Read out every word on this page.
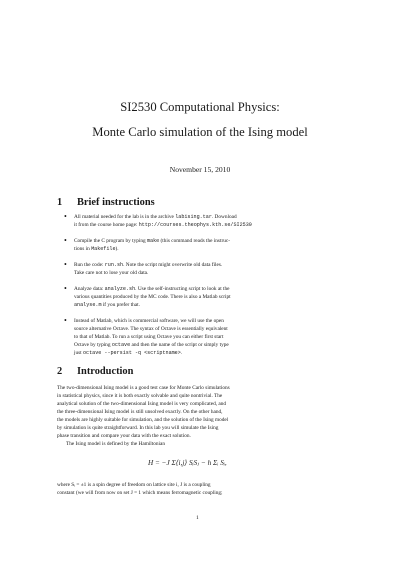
SI2530 Computational Physics:
Monte Carlo simulation of the Ising model
November 15, 2010
1 Brief instructions
• All material needed for the lab is in the archive labising.tar. Download
it from the course home page: http://courses.theophys.kth.se/SI2530
• Compile the C program by typing make (this command reads the instruc-
tions in Makefile).
• Run the code: run.sh. Note the script might overwrite old data files.
Take care not to lose your old data.
• Analyze data: analyze.sh. Use the self-instructing script to look at the
various quantities produced by the MC code. There is also a Matlab script
analyse.m if you prefer that.
• Instead of Matlab, which is commercial software, we will use the open
source alternative Octave. The syntax of Octave is essentially equivalent
to that of Matlab. To run a script using Octave you can either first start
Octave by typing octave and then the name of the script or simply type
just octave --persist -q <scriptname>.
2 Introduction
The two-dimensional Ising model is a good test case for Monte Carlo simulations
in statistical physics, since it is both exactly solvable and quite nontrivial. The
analytical solution of the two-dimensional Ising model is very complicated, and
the three-dimensional Ising model is still unsolved exactly. On the other hand,
the models are highly suitable for simulation, and the solution of the Ising model
by simulation is quite straightforward. In this lab you will simulate the Ising
phase transition and compare your data with the exact solution.
The Ising model is defined by the Hamiltonian
H = −J Σ⟨i,j⟩ SᵢSⱼ − h Σᵢ Sᵢ,
where Sᵢ = ±1 is a spin degree of freedom on lattice site i, J is a coupling
constant (we will from now on set J = 1 which means ferromagnetic coupling;
1
